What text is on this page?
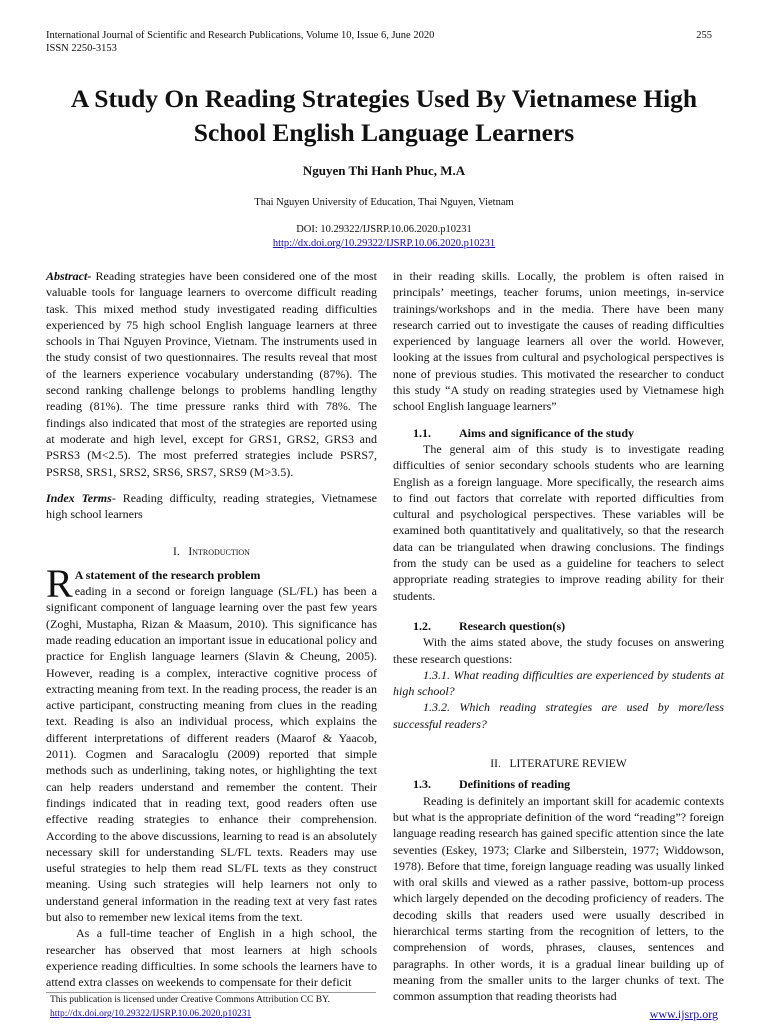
International Journal of Scientific and Research Publications, Volume 10, Issue 6, June 2020
ISSN 2250-3153
255
A Study On Reading Strategies Used By Vietnamese High School English Language Learners
Nguyen Thi Hanh Phuc, M.A
Thai Nguyen University of Education, Thai Nguyen, Vietnam
DOI: 10.29322/IJSRP.10.06.2020.p10231
http://dx.doi.org/10.29322/IJSRP.10.06.2020.p10231

Abstract- Reading strategies have been considered one of the most valuable tools for language learners to overcome difficult reading task. This mixed method study investigated reading difficulties experienced by 75 high school English language learners at three schools in Thai Nguyen Province, Vietnam. The instruments used in the study consist of two questionnaires. The results reveal that most of the learners experience vocabulary understanding (87%). The second ranking challenge belongs to problems handling lengthy reading (81%). The time pressure ranks third with 78%. The findings also indicated that most of the strategies are reported using at moderate and high level, except for GRS1, GRS2, GRS3 and PSRS3 (M<2.5). The most preferred strategies include PSRS7, PSRS8, SRS1, SRS2, SRS6, SRS7, SRS9 (M>3.5).

Index Terms- Reading difficulty, reading strategies, Vietnamese high school learners

I. Introduction

R A statement of the research problem
eading in a second or foreign language (SL/FL) has been a significant component of language learning over the past few years (Zoghi, Mustapha, Rizan & Maasum, 2010). This significance has made reading education an important issue in educational policy and practice for English language learners (Slavin & Cheung, 2005). However, reading is a complex, interactive cognitive process of extracting meaning from text. In the reading process, the reader is an active participant, constructing meaning from clues in the reading text. Reading is also an individual process, which explains the different interpretations of different readers (Maarof & Yaacob, 2011). Cogmen and Saracaloglu (2009) reported that simple methods such as underlining, taking notes, or highlighting the text can help readers understand and remember the content. Their findings indicated that in reading text, good readers often use effective reading strategies to enhance their comprehension. According to the above discussions, learning to read is an absolutely necessary skill for understanding SL/FL texts. Readers may use useful strategies to help them read SL/FL texts as they construct meaning. Using such strategies will help learners not only to understand general information in the reading text at very fast rates but also to remember new lexical items from the text.

As a full-time teacher of English in a high school, the researcher has observed that most learners at high schools experience reading difficulties. In some schools the learners have to attend extra classes on weekends to compensate for their deficit

in their reading skills. Locally, the problem is often raised in principals’ meetings, teacher forums, union meetings, in-service trainings/workshops and in the media. There have been many research carried out to investigate the causes of reading difficulties experienced by language learners all over the world. However, looking at the issues from cultural and psychological perspectives is none of previous studies. This motivated the researcher to conduct this study “A study on reading strategies used by Vietnamese high school English language learners”

1.1. Aims and significance of the study

The general aim of this study is to investigate reading difficulties of senior secondary schools students who are learning English as a foreign language. More specifically, the research aims to find out factors that correlate with reported difficulties from cultural and psychological perspectives. These variables will be examined both quantitatively and qualitatively, so that the research data can be triangulated when drawing conclusions. The findings from the study can be used as a guideline for teachers to select appropriate reading strategies to improve reading ability for their students.

1.2. Research question(s)

With the aims stated above, the study focuses on answering these research questions:

1.3.1. What reading difficulties are experienced by students at high school?

1.3.2. Which reading strategies are used by more/less successful readers?

II. LITERATURE REVIEW

1.3. Definitions of reading

Reading is definitely an important skill for academic contexts but what is the appropriate definition of the word “reading”? foreign language reading research has gained specific attention since the late seventies (Eskey, 1973; Clarke and Silberstein, 1977; Widdowson, 1978). Before that time, foreign language reading was usually linked with oral skills and viewed as a rather passive, bottom-up process which largely depended on the decoding proficiency of readers. The decoding skills that readers used were usually described in hierarchical terms starting from the recognition of letters, to the comprehension of words, phrases, clauses, sentences and paragraphs. In other words, it is a gradual linear building up of meaning from the smaller units to the larger chunks of text. The common assumption that reading theorists had

This publication is licensed under Creative Commons Attribution CC BY.
http://dx.doi.org/10.29322/IJSRP.10.06.2020.p10231	www.ijsrp.org
